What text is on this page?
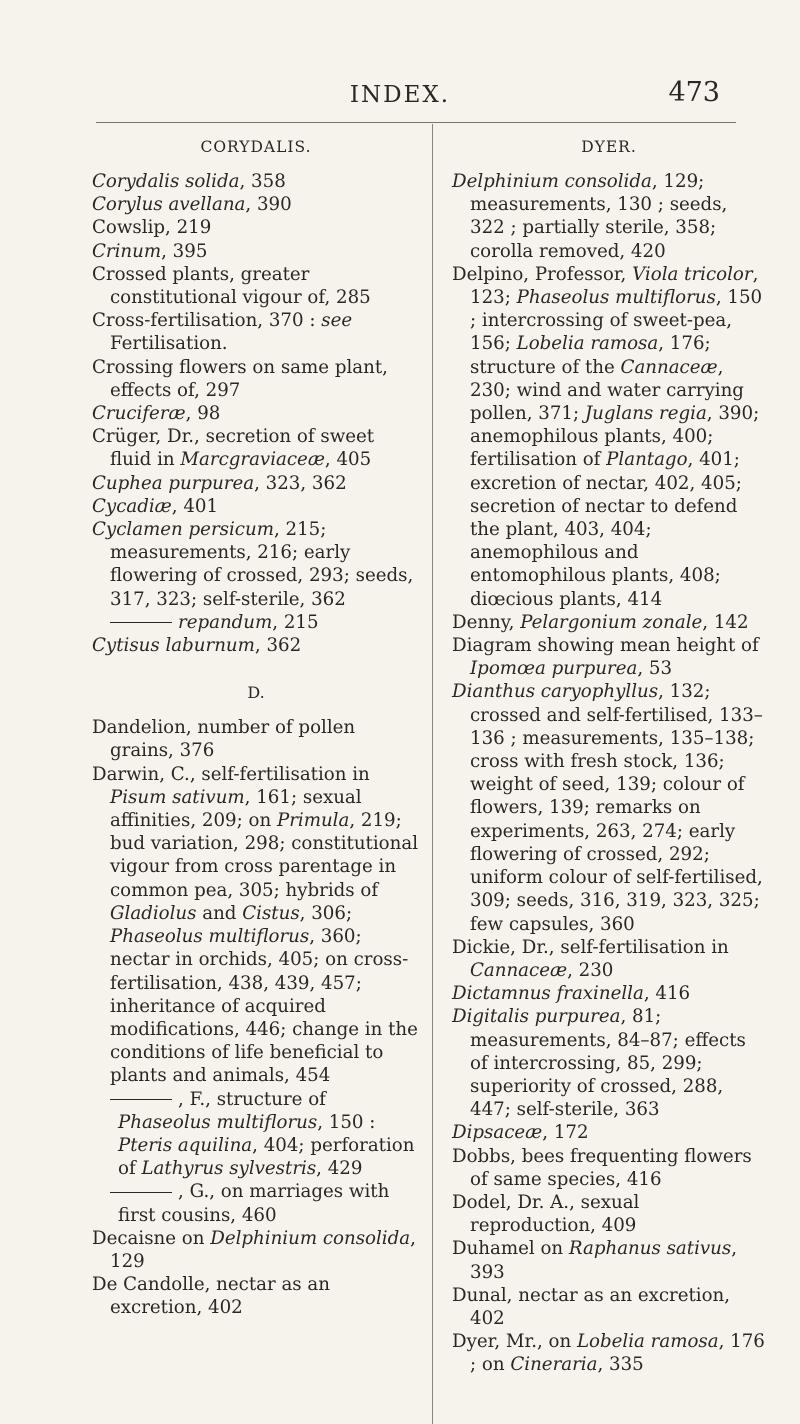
INDEX.	473
CORYDALIS.
Corydalis solida, 358
Corylus avellana, 390
Cowslip, 219
Crinum, 395
Crossed plants, greater constitutional vigour of, 285
Cross-fertilisation, 370 : see Fertilisation.
Crossing flowers on same plant, effects of, 297
Cruciferæ, 98
Crüger, Dr., secretion of sweet fluid in Marcgraviaceæ, 405
Cuphea purpurea, 323, 362
Cycadiæ, 401
Cyclamen persicum, 215; measurements, 216; early flowering of crossed, 293; seeds, 317, 323; self-sterile, 362
repandum, 215
Cytisus laburnum, 362
D.
Dandelion, number of pollen grains, 376
Darwin, C., self-fertilisation in Pisum sativum, 161; sexual affinities, 209; on Primula, 219; bud variation, 298; constitutional vigour from cross parentage in common pea, 305; hybrids of Gladiolus and Cistus, 306; Phaseolus multiflorus, 360; nectar in orchids, 405; on cross-fertilisation, 438, 439, 457; inheritance of acquired modifications, 446; change in the conditions of life beneficial to plants and animals, 454
, F., structure of Phaseolus multiflorus, 150 : Pteris aquilina, 404; perforation of Lathyrus sylvestris, 429
, G., on marriages with first cousins, 460
Decaisne on Delphinium consolida, 129
De Candolle, nectar as an excretion, 402
DYER.
Delphinium consolida, 129; measurements, 130 ; seeds, 322 ; partially sterile, 358; corolla removed, 420
Delpino, Professor, Viola tricolor, 123; Phaseolus multiflorus, 150 ; intercrossing of sweet-pea, 156; Lobelia ramosa, 176; structure of the Cannaceæ, 230; wind and water carrying pollen, 371; Juglans regia, 390; anemophilous plants, 400; fertilisation of Plantago, 401; excretion of nectar, 402, 405; secretion of nectar to defend the plant, 403, 404; anemophilous and entomophilous plants, 408; diœcious plants, 414
Denny, Pelargonium zonale, 142
Diagram showing mean height of Ipomœa purpurea, 53
Dianthus caryophyllus, 132; crossed and self-fertilised, 133–136 ; measurements, 135–138; cross with fresh stock, 136; weight of seed, 139; colour of flowers, 139; remarks on experiments, 263, 274; early flowering of crossed, 292; uniform colour of self-fertilised, 309; seeds, 316, 319, 323, 325; few capsules, 360
Dickie, Dr., self-fertilisation in Cannaceæ, 230
Dictamnus fraxinella, 416
Digitalis purpurea, 81; measurements, 84–87; effects of intercrossing, 85, 299; superiority of crossed, 288, 447; self-sterile, 363
Dipsaceæ, 172
Dobbs, bees frequenting flowers of same species, 416
Dodel, Dr. A., sexual reproduction, 409
Duhamel on Raphanus sativus, 393
Dunal, nectar as an excretion, 402
Dyer, Mr., on Lobelia ramosa, 176 ; on Cineraria, 335
